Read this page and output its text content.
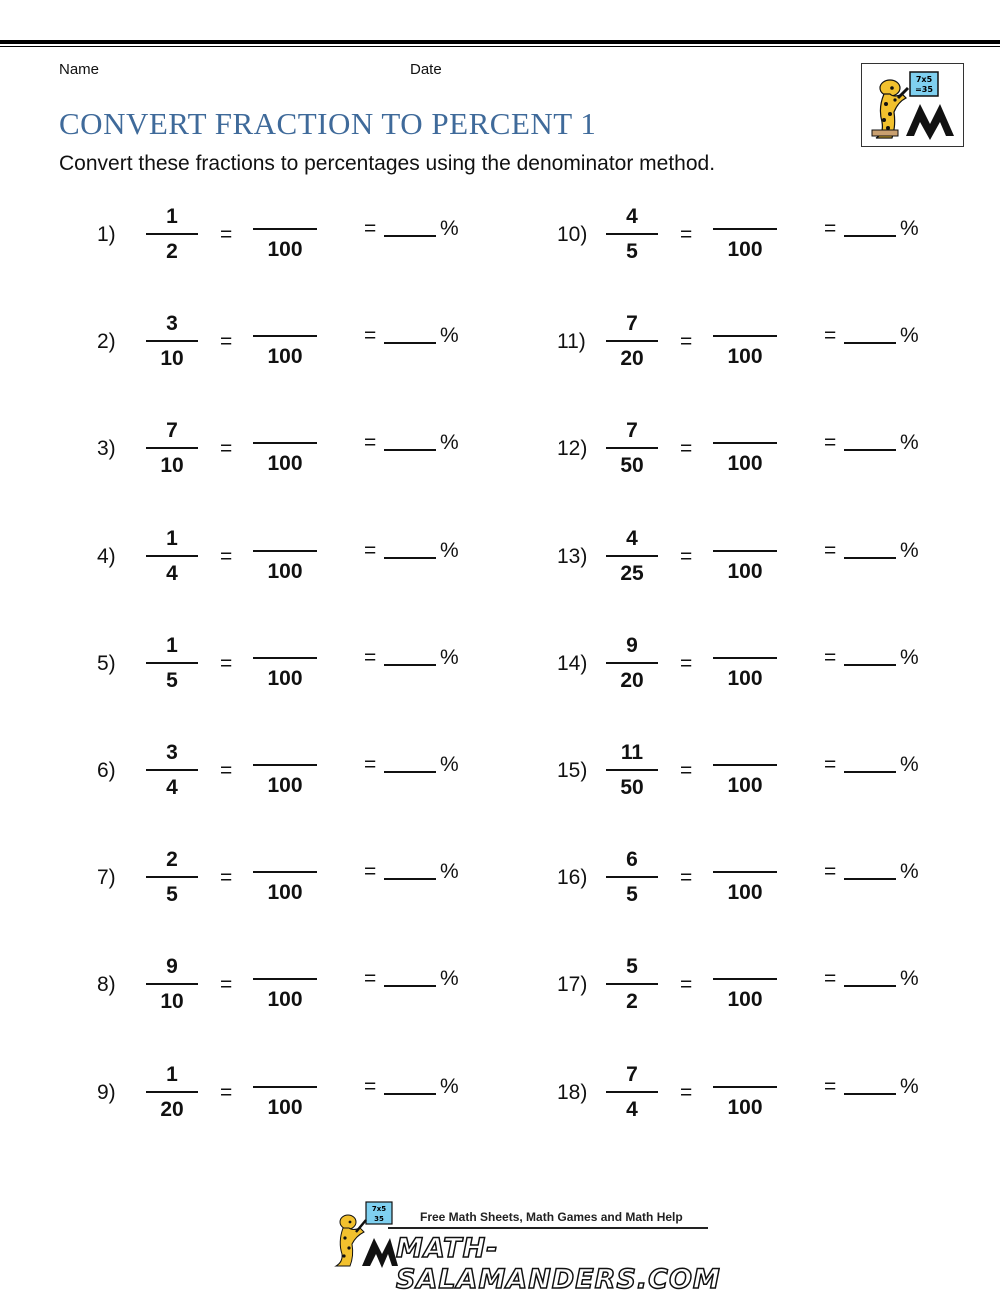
Name	Date
7x5
=35
CONVERT FRACTION TO PERCENT 1
Convert these fractions to percentages using the denominator method.
1)
1
2
=
100
=	%
2)
3
10
=
100
=	%
3)
7
10
=
100
=	%
4)
1
4
=
100
=	%
5)
1
5
=
100
=	%
6)
3
4
=
100
=	%
7)
2
5
=
100
=	%
8)
9
10
=
100
=	%
9)
1
20
=
100
=	%
10)
4
5
=
100
=	%
11)
7
20
=
100
=	%
12)
7
50
=
100
=	%
13)
4
25
=
100
=	%
14)
9
20
=
100
=	%
15)
11
50
=
100
=	%
16)
6
5
=
100
=	%
17)
5
2
=
100
=	%
18)
7
4
=
100
=	%
7x5
35	Free Math Sheets, Math Games and Math Help
MATH-SALAMANDERS.COM
